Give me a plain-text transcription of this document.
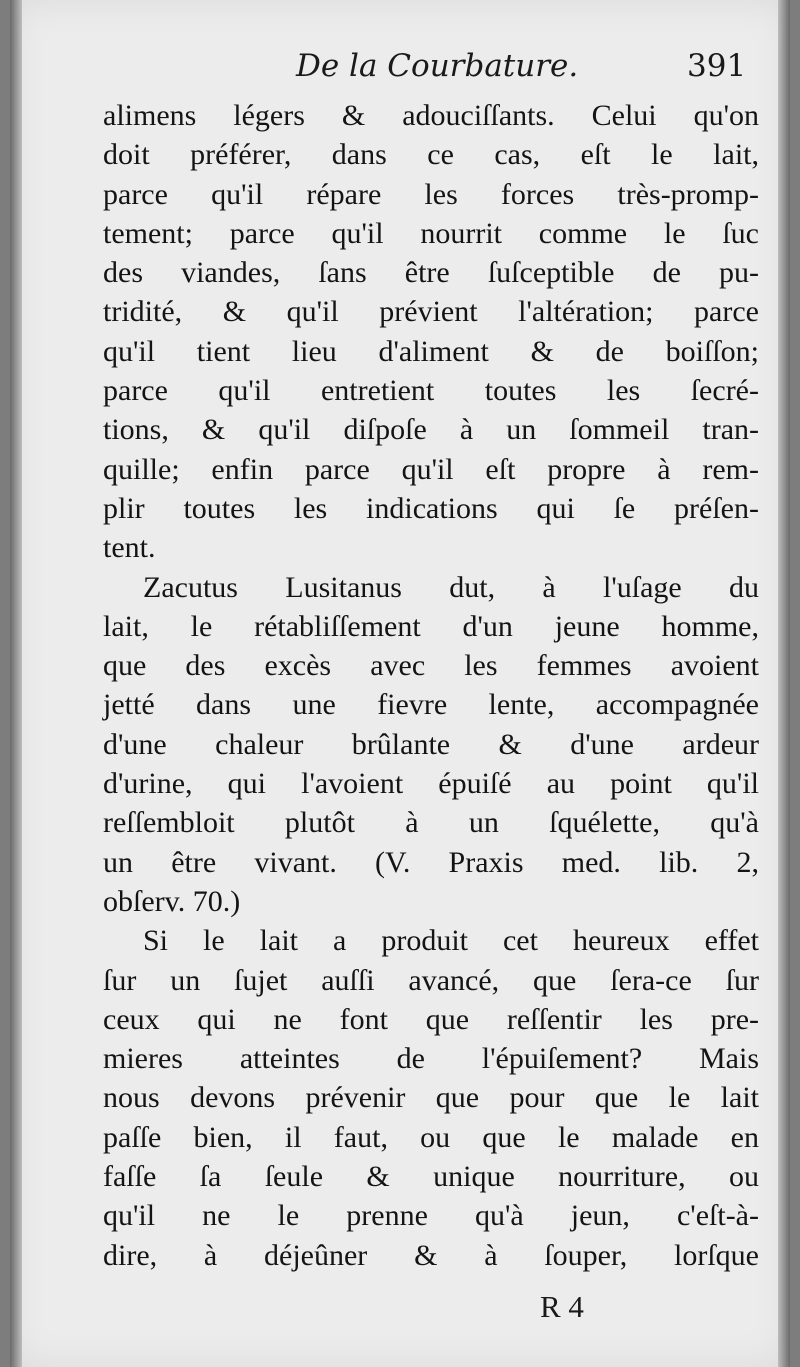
De la Courbature.	391
alimens légers & adouciſſants. Celui qu'on
doit préférer, dans ce cas, eſt le lait,
parce qu'il répare les forces très-promp-
tement; parce qu'il nourrit comme le ſuc
des viandes, ſans être ſuſceptible de pu-
tridité, & qu'il prévient l'altération; parce
qu'il tient lieu d'aliment & de boiſſon;
parce qu'il entretient toutes les ſecré-
tions, & qu'il diſpoſe à un ſommeil tran-
quille; enfin parce qu'il eſt propre à rem-
plir toutes les indications qui ſe préſen-
tent.
Zacutus Lusitanus dut, à l'uſage du
lait, le rétabliſſement d'un jeune homme,
que des excès avec les femmes avoient
jetté dans une fievre lente, accompagnée
d'une chaleur brûlante & d'une ardeur
d'urine, qui l'avoient épuiſé au point qu'il
reſſembloit plutôt à un ſquélette, qu'à
un être vivant. (V. Praxis med. lib. 2,
obſerv. 70.)
Si le lait a produit cet heureux effet
ſur un ſujet auſſi avancé, que ſera-ce ſur
ceux qui ne font que reſſentir les pre-
mieres atteintes de l'épuiſement? Mais
nous devons prévenir que pour que le lait
paſſe bien, il faut, ou que le malade en
faſſe ſa ſeule & unique nourriture, ou
qu'il ne le prenne qu'à jeun, c'eſt-à-
dire, à déjeûner & à ſouper, lorſque
R 4
